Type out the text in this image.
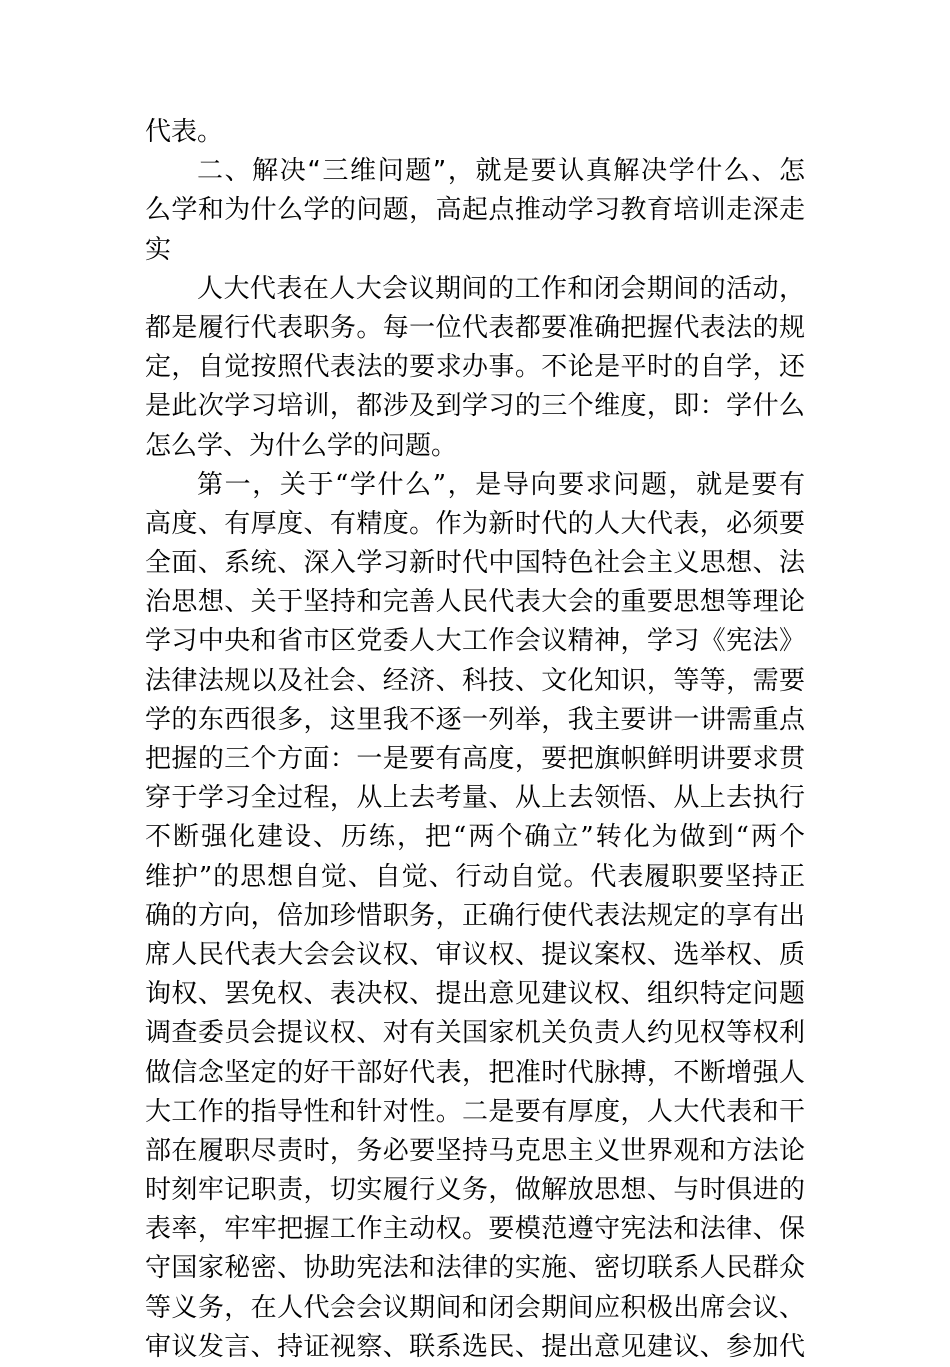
代表。
二、解决“三维问题”，就是要认真解决学什么、怎
么学和为什么学的问题，高起点推动学习教育培训走深走
实
人大代表在人大会议期间的工作和闭会期间的活动，
都是履行代表职务。每一位代表都要准确把握代表法的规
定，自觉按照代表法的要求办事。不论是平时的自学，还
是此次学习培训，都涉及到学习的三个维度，即：学什么
怎么学、为什么学的问题。
第一，关于“学什么”，是导向要求问题，就是要有
高度、有厚度、有精度。作为新时代的人大代表，必须要
全面、系统、深入学习新时代中国特色社会主义思想、法
治思想、关于坚持和完善人民代表大会的重要思想等理论
学习中央和省市区党委人大工作会议精神，学习《宪法》
法律法规以及社会、经济、科技、文化知识，等等，需要
学的东西很多，这里我不逐一列举，我主要讲一讲需重点
把握的三个方面：一是要有高度，要把旗帜鲜明讲要求贯
穿于学习全过程，从上去考量、从上去领悟、从上去执行
不断强化建设、历练，把“两个确立”转化为做到“两个
维护”的思想自觉、自觉、行动自觉。代表履职要坚持正
确的方向，倍加珍惜职务，正确行使代表法规定的享有出
席人民代表大会会议权、审议权、提议案权、选举权、质
询权、罢免权、表决权、提出意见建议权、组织特定问题
调查委员会提议权、对有关国家机关负责人约见权等权利
做信念坚定的好干部好代表，把准时代脉搏，不断增强人
大工作的指导性和针对性。二是要有厚度，人大代表和干
部在履职尽责时，务必要坚持马克思主义世界观和方法论
时刻牢记职责，切实履行义务，做解放思想、与时俱进的
表率，牢牢把握工作主动权。要模范遵守宪法和法律、保
守国家秘密、协助宪法和法律的实施、密切联系人民群众
等义务，在人代会会议期间和闭会期间应积极出席会议、
审议发言、持证视察、联系选民、提出意见建议、参加代
